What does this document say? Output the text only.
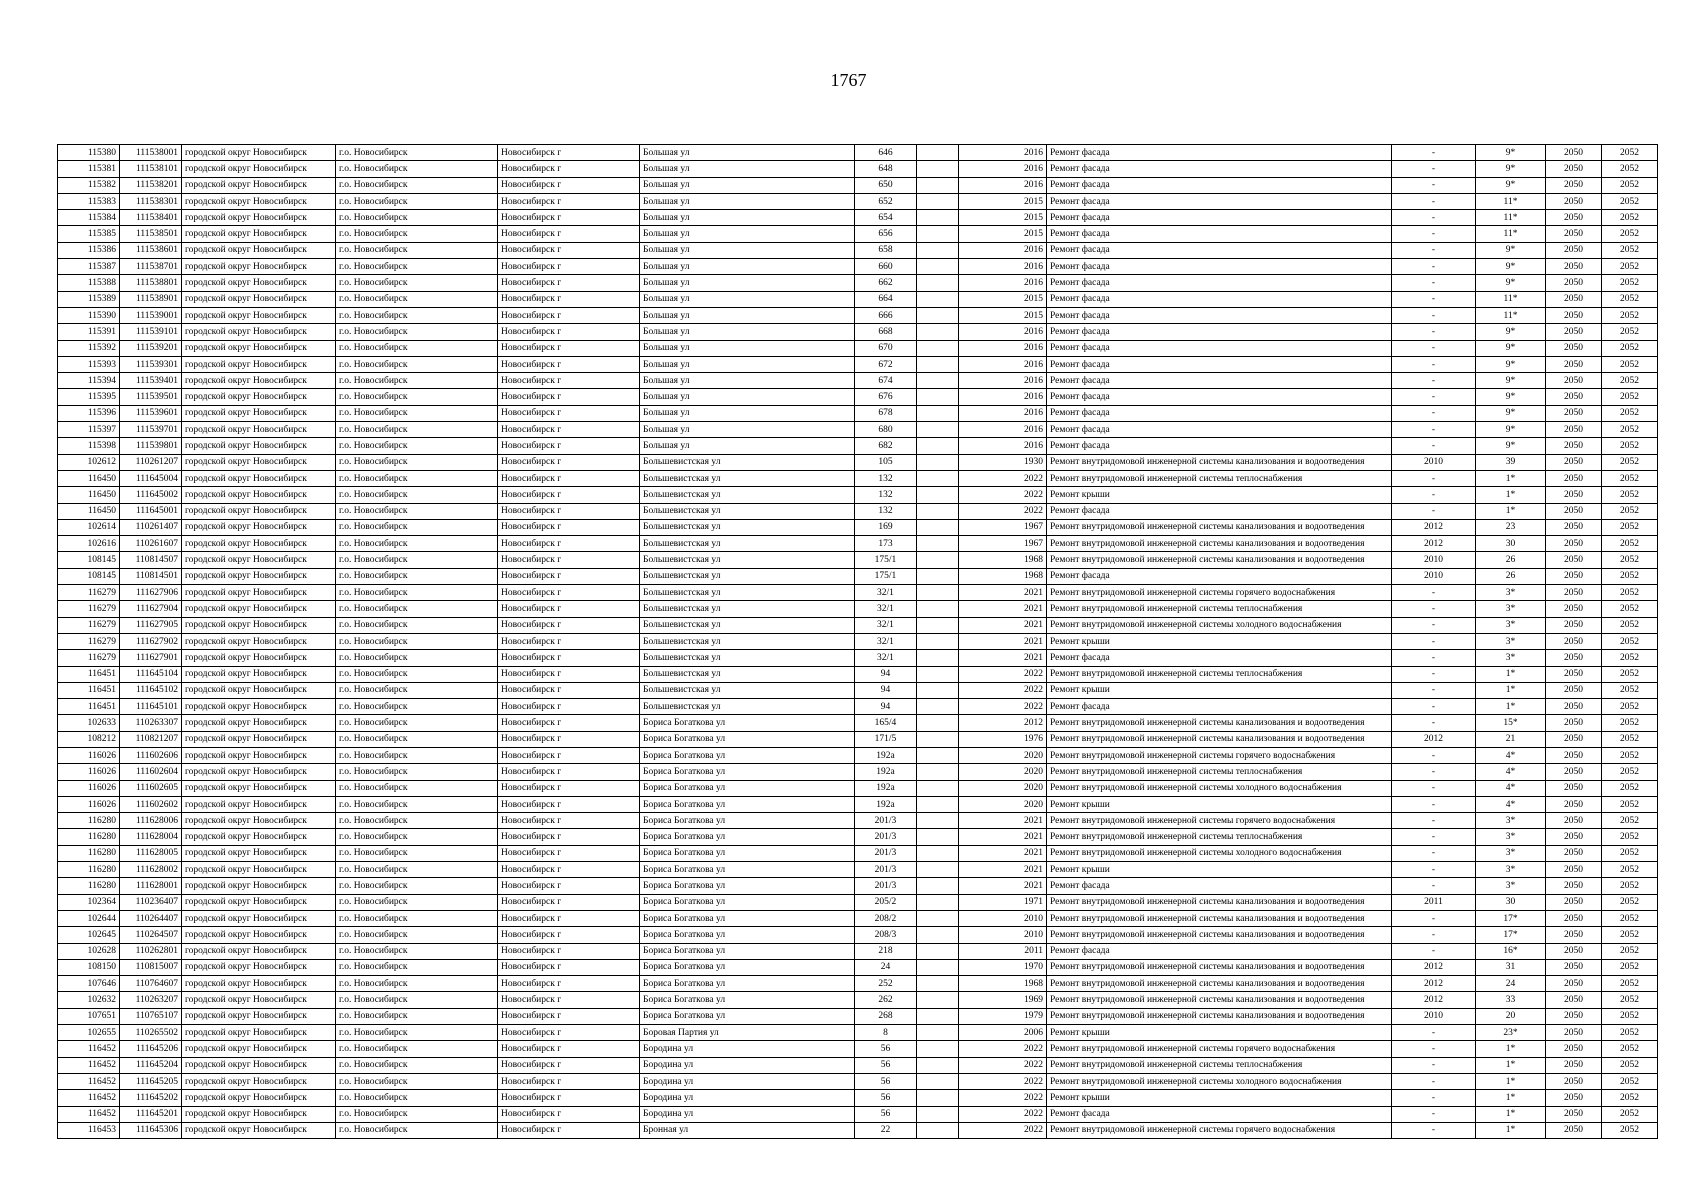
1767
115380	111538001	городской округ Новосибирск	г.о. Новосибирск	Новосибирск г	Большая ул	646		2016	Ремонт фасада	-	9*	2050	2052
115381	111538101	городской округ Новосибирск	г.о. Новосибирск	Новосибирск г	Большая ул	648		2016	Ремонт фасада	-	9*	2050	2052
115382	111538201	городской округ Новосибирск	г.о. Новосибирск	Новосибирск г	Большая ул	650		2016	Ремонт фасада	-	9*	2050	2052
115383	111538301	городской округ Новосибирск	г.о. Новосибирск	Новосибирск г	Большая ул	652		2015	Ремонт фасада	-	11*	2050	2052
115384	111538401	городской округ Новосибирск	г.о. Новосибирск	Новосибирск г	Большая ул	654		2015	Ремонт фасада	-	11*	2050	2052
115385	111538501	городской округ Новосибирск	г.о. Новосибирск	Новосибирск г	Большая ул	656		2015	Ремонт фасада	-	11*	2050	2052
115386	111538601	городской округ Новосибирск	г.о. Новосибирск	Новосибирск г	Большая ул	658		2016	Ремонт фасада	-	9*	2050	2052
115387	111538701	городской округ Новосибирск	г.о. Новосибирск	Новосибирск г	Большая ул	660		2016	Ремонт фасада	-	9*	2050	2052
115388	111538801	городской округ Новосибирск	г.о. Новосибирск	Новосибирск г	Большая ул	662		2016	Ремонт фасада	-	9*	2050	2052
115389	111538901	городской округ Новосибирск	г.о. Новосибирск	Новосибирск г	Большая ул	664		2015	Ремонт фасада	-	11*	2050	2052
115390	111539001	городской округ Новосибирск	г.о. Новосибирск	Новосибирск г	Большая ул	666		2015	Ремонт фасада	-	11*	2050	2052
115391	111539101	городской округ Новосибирск	г.о. Новосибирск	Новосибирск г	Большая ул	668		2016	Ремонт фасада	-	9*	2050	2052
115392	111539201	городской округ Новосибирск	г.о. Новосибирск	Новосибирск г	Большая ул	670		2016	Ремонт фасада	-	9*	2050	2052
115393	111539301	городской округ Новосибирск	г.о. Новосибирск	Новосибирск г	Большая ул	672		2016	Ремонт фасада	-	9*	2050	2052
115394	111539401	городской округ Новосибирск	г.о. Новосибирск	Новосибирск г	Большая ул	674		2016	Ремонт фасада	-	9*	2050	2052
115395	111539501	городской округ Новосибирск	г.о. Новосибирск	Новосибирск г	Большая ул	676		2016	Ремонт фасада	-	9*	2050	2052
115396	111539601	городской округ Новосибирск	г.о. Новосибирск	Новосибирск г	Большая ул	678		2016	Ремонт фасада	-	9*	2050	2052
115397	111539701	городской округ Новосибирск	г.о. Новосибирск	Новосибирск г	Большая ул	680		2016	Ремонт фасада	-	9*	2050	2052
115398	111539801	городской округ Новосибирск	г.о. Новосибирск	Новосибирск г	Большая ул	682		2016	Ремонт фасада	-	9*	2050	2052
102612	110261207	городской округ Новосибирск	г.о. Новосибирск	Новосибирск г	Большевистская ул	105		1930	Ремонт внутридомовой инженерной системы канализования и водоотведения	2010	39	2050	2052
116450	111645004	городской округ Новосибирск	г.о. Новосибирск	Новосибирск г	Большевистская ул	132		2022	Ремонт внутридомовой инженерной системы теплоснабжения	-	1*	2050	2052
116450	111645002	городской округ Новосибирск	г.о. Новосибирск	Новосибирск г	Большевистская ул	132		2022	Ремонт крыши	-	1*	2050	2052
116450	111645001	городской округ Новосибирск	г.о. Новосибирск	Новосибирск г	Большевистская ул	132		2022	Ремонт фасада	-	1*	2050	2052
102614	110261407	городской округ Новосибирск	г.о. Новосибирск	Новосибирск г	Большевистская ул	169		1967	Ремонт внутридомовой инженерной системы канализования и водоотведения	2012	23	2050	2052
102616	110261607	городской округ Новосибирск	г.о. Новосибирск	Новосибирск г	Большевистская ул	173		1967	Ремонт внутридомовой инженерной системы канализования и водоотведения	2012	30	2050	2052
108145	110814507	городской округ Новосибирск	г.о. Новосибирск	Новосибирск г	Большевистская ул	175/1		1968	Ремонт внутридомовой инженерной системы канализования и водоотведения	2010	26	2050	2052
108145	110814501	городской округ Новосибирск	г.о. Новосибирск	Новосибирск г	Большевистская ул	175/1		1968	Ремонт фасада	2010	26	2050	2052
116279	111627906	городской округ Новосибирск	г.о. Новосибирск	Новосибирск г	Большевистская ул	32/1		2021	Ремонт внутридомовой инженерной системы горячего водоснабжения	-	3*	2050	2052
116279	111627904	городской округ Новосибирск	г.о. Новосибирск	Новосибирск г	Большевистская ул	32/1		2021	Ремонт внутридомовой инженерной системы теплоснабжения	-	3*	2050	2052
116279	111627905	городской округ Новосибирск	г.о. Новосибирск	Новосибирск г	Большевистская ул	32/1		2021	Ремонт внутридомовой инженерной системы холодного водоснабжения	-	3*	2050	2052
116279	111627902	городской округ Новосибирск	г.о. Новосибирск	Новосибирск г	Большевистская ул	32/1		2021	Ремонт крыши	-	3*	2050	2052
116279	111627901	городской округ Новосибирск	г.о. Новосибирск	Новосибирск г	Большевистская ул	32/1		2021	Ремонт фасада	-	3*	2050	2052
116451	111645104	городской округ Новосибирск	г.о. Новосибирск	Новосибирск г	Большевистская ул	94		2022	Ремонт внутридомовой инженерной системы теплоснабжения	-	1*	2050	2052
116451	111645102	городской округ Новосибирск	г.о. Новосибирск	Новосибирск г	Большевистская ул	94		2022	Ремонт крыши	-	1*	2050	2052
116451	111645101	городской округ Новосибирск	г.о. Новосибирск	Новосибирск г	Большевистская ул	94		2022	Ремонт фасада	-	1*	2050	2052
102633	110263307	городской округ Новосибирск	г.о. Новосибирск	Новосибирск г	Бориса Богаткова ул	165/4		2012	Ремонт внутридомовой инженерной системы канализования и водоотведения	-	15*	2050	2052
108212	110821207	городской округ Новосибирск	г.о. Новосибирск	Новосибирск г	Бориса Богаткова ул	171/5		1976	Ремонт внутридомовой инженерной системы канализования и водоотведения	2012	21	2050	2052
116026	111602606	городской округ Новосибирск	г.о. Новосибирск	Новосибирск г	Бориса Богаткова ул	192а		2020	Ремонт внутридомовой инженерной системы горячего водоснабжения	-	4*	2050	2052
116026	111602604	городской округ Новосибирск	г.о. Новосибирск	Новосибирск г	Бориса Богаткова ул	192а		2020	Ремонт внутридомовой инженерной системы теплоснабжения	-	4*	2050	2052
116026	111602605	городской округ Новосибирск	г.о. Новосибирск	Новосибирск г	Бориса Богаткова ул	192а		2020	Ремонт внутридомовой инженерной системы холодного водоснабжения	-	4*	2050	2052
116026	111602602	городской округ Новосибирск	г.о. Новосибирск	Новосибирск г	Бориса Богаткова ул	192а		2020	Ремонт крыши	-	4*	2050	2052
116280	111628006	городской округ Новосибирск	г.о. Новосибирск	Новосибирск г	Бориса Богаткова ул	201/3		2021	Ремонт внутридомовой инженерной системы горячего водоснабжения	-	3*	2050	2052
116280	111628004	городской округ Новосибирск	г.о. Новосибирск	Новосибирск г	Бориса Богаткова ул	201/3		2021	Ремонт внутридомовой инженерной системы теплоснабжения	-	3*	2050	2052
116280	111628005	городской округ Новосибирск	г.о. Новосибирск	Новосибирск г	Бориса Богаткова ул	201/3		2021	Ремонт внутридомовой инженерной системы холодного водоснабжения	-	3*	2050	2052
116280	111628002	городской округ Новосибирск	г.о. Новосибирск	Новосибирск г	Бориса Богаткова ул	201/3		2021	Ремонт крыши	-	3*	2050	2052
116280	111628001	городской округ Новосибирск	г.о. Новосибирск	Новосибирск г	Бориса Богаткова ул	201/3		2021	Ремонт фасада	-	3*	2050	2052
102364	110236407	городской округ Новосибирск	г.о. Новосибирск	Новосибирск г	Бориса Богаткова ул	205/2		1971	Ремонт внутридомовой инженерной системы канализования и водоотведения	2011	30	2050	2052
102644	110264407	городской округ Новосибирск	г.о. Новосибирск	Новосибирск г	Бориса Богаткова ул	208/2		2010	Ремонт внутридомовой инженерной системы канализования и водоотведения	-	17*	2050	2052
102645	110264507	городской округ Новосибирск	г.о. Новосибирск	Новосибирск г	Бориса Богаткова ул	208/3		2010	Ремонт внутридомовой инженерной системы канализования и водоотведения	-	17*	2050	2052
102628	110262801	городской округ Новосибирск	г.о. Новосибирск	Новосибирск г	Бориса Богаткова ул	218		2011	Ремонт фасада	-	16*	2050	2052
108150	110815007	городской округ Новосибирск	г.о. Новосибирск	Новосибирск г	Бориса Богаткова ул	24		1970	Ремонт внутридомовой инженерной системы канализования и водоотведения	2012	31	2050	2052
107646	110764607	городской округ Новосибирск	г.о. Новосибирск	Новосибирск г	Бориса Богаткова ул	252		1968	Ремонт внутридомовой инженерной системы канализования и водоотведения	2012	24	2050	2052
102632	110263207	городской округ Новосибирск	г.о. Новосибирск	Новосибирск г	Бориса Богаткова ул	262		1969	Ремонт внутридомовой инженерной системы канализования и водоотведения	2012	33	2050	2052
107651	110765107	городской округ Новосибирск	г.о. Новосибирск	Новосибирск г	Бориса Богаткова ул	268		1979	Ремонт внутридомовой инженерной системы канализования и водоотведения	2010	20	2050	2052
102655	110265502	городской округ Новосибирск	г.о. Новосибирск	Новосибирск г	Боровая Партия ул	8		2006	Ремонт крыши	-	23*	2050	2052
116452	111645206	городской округ Новосибирск	г.о. Новосибирск	Новосибирск г	Бородина ул	56		2022	Ремонт внутридомовой инженерной системы горячего водоснабжения	-	1*	2050	2052
116452	111645204	городской округ Новосибирск	г.о. Новосибирск	Новосибирск г	Бородина ул	56		2022	Ремонт внутридомовой инженерной системы теплоснабжения	-	1*	2050	2052
116452	111645205	городской округ Новосибирск	г.о. Новосибирск	Новосибирск г	Бородина ул	56		2022	Ремонт внутридомовой инженерной системы холодного водоснабжения	-	1*	2050	2052
116452	111645202	городской округ Новосибирск	г.о. Новосибирск	Новосибирск г	Бородина ул	56		2022	Ремонт крыши	-	1*	2050	2052
116452	111645201	городской округ Новосибирск	г.о. Новосибирск	Новосибирск г	Бородина ул	56		2022	Ремонт фасада	-	1*	2050	2052
116453	111645306	городской округ Новосибирск	г.о. Новосибирск	Новосибирск г	Бронная ул	22		2022	Ремонт внутридомовой инженерной системы горячего водоснабжения	-	1*	2050	2052
